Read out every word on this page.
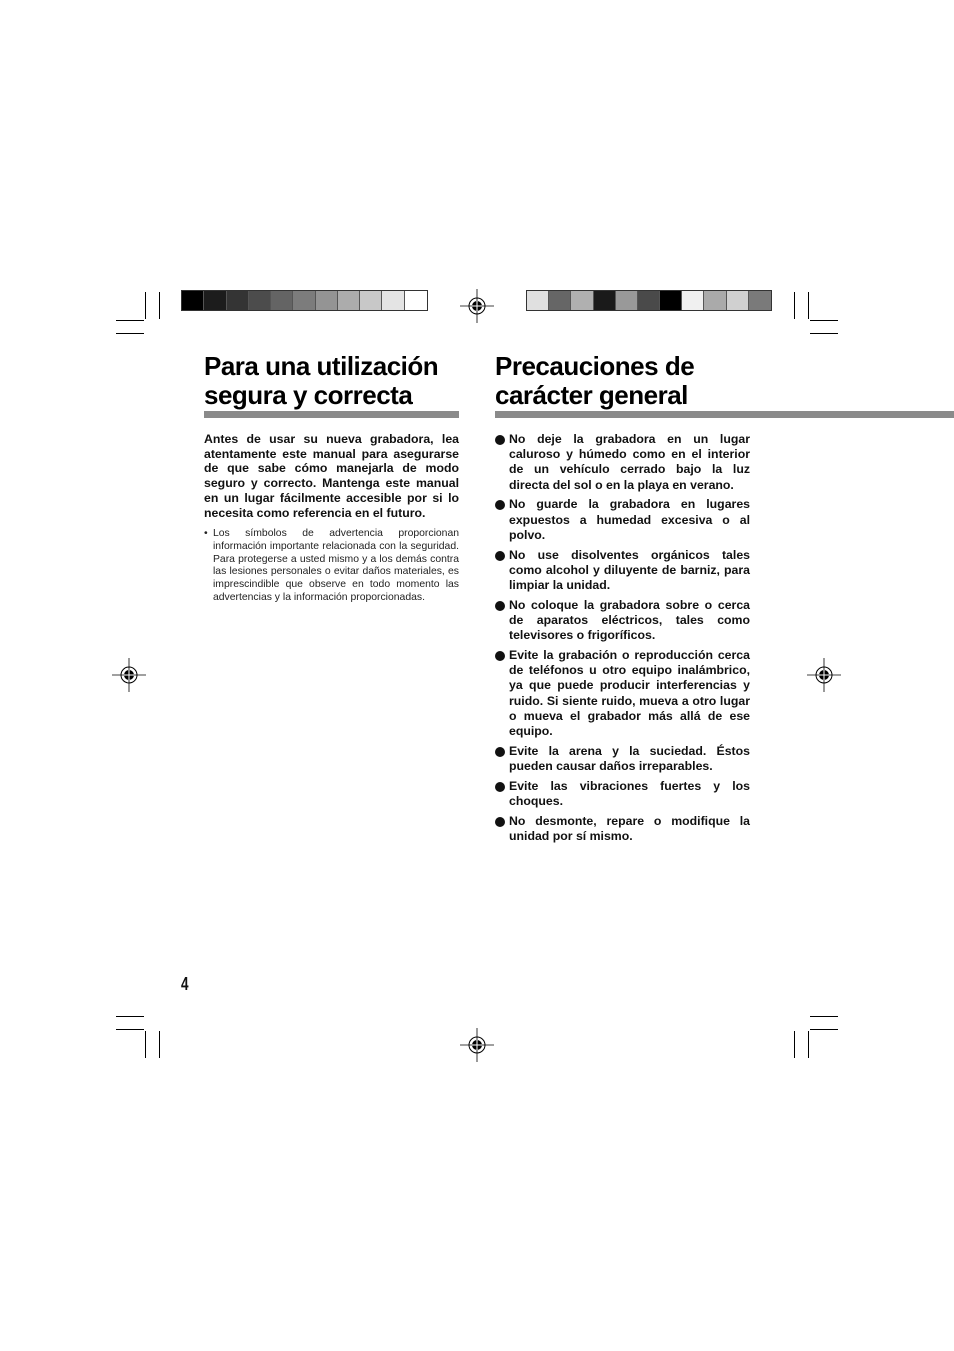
Para una utilización
segura y correcta
Antes de usar su nueva grabadora, lea atentamente este manual para asegurarse de que sabe cómo manejarla de modo seguro y correcto. Mantenga este manual en un lugar fácilmente accesible por si lo necesita como referencia en el futuro.
• Los símbolos de advertencia proporcionan información importante relacionada con la seguridad. Para protegerse a usted mismo y a los demás contra las lesiones personales o evitar daños materiales, es imprescindible que observe en todo momento las advertencias y la información proporcionadas.
Precauciones de
carácter general
No deje la grabadora en un lugar caluroso y húmedo como en el interior de un vehículo cerrado bajo la luz directa del sol o en la playa en verano.
No guarde la grabadora en lugares expuestos a humedad excesiva o al polvo.
No use disolventes orgánicos tales como alcohol y diluyente de barniz, para limpiar la unidad.
No coloque la grabadora sobre o cerca de aparatos eléctricos, tales como televisores o frigoríficos.
Evite la grabación o reproducción cerca de teléfonos u otro equipo inalámbrico, ya que puede producir interferencias y ruido. Si siente ruido, mueva a otro lugar o mueva el grabador más allá de ese equipo.
Evite la arena y la suciedad. Éstos pueden causar daños irreparables.
Evite las vibraciones fuertes y los choques.
No desmonte, repare o modifique la unidad por sí mismo.
4
